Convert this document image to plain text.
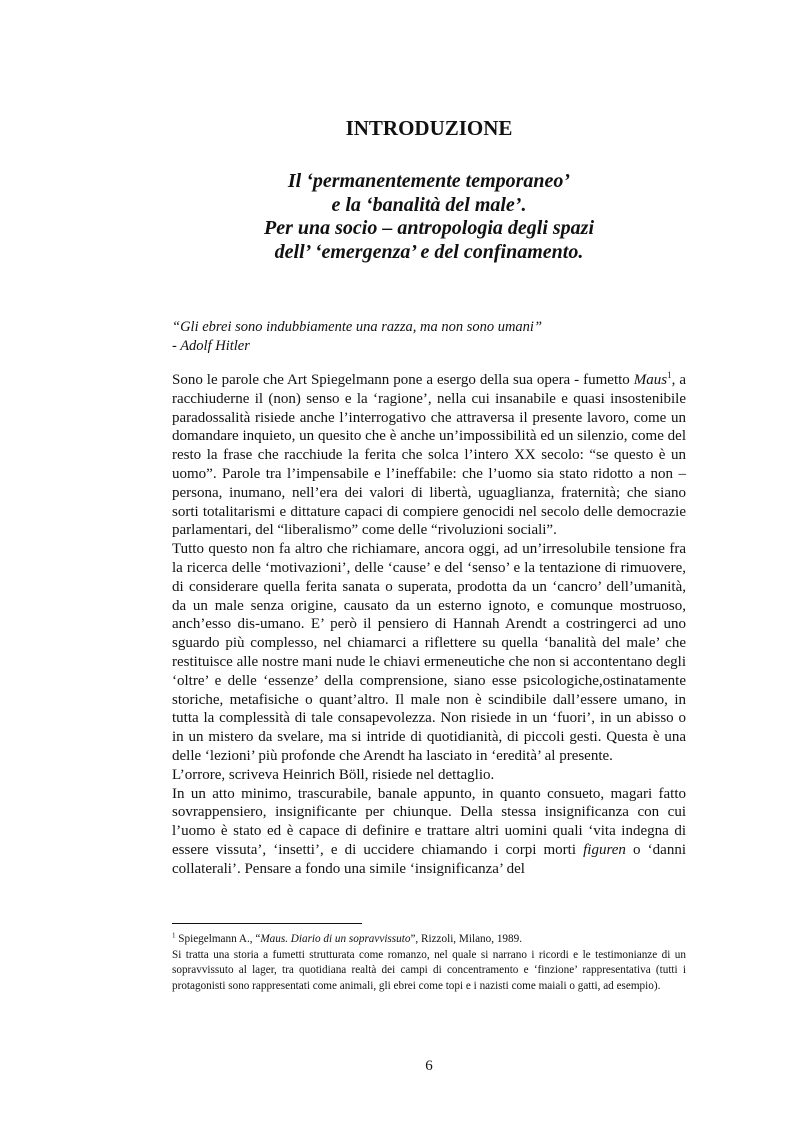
INTRODUZIONE
Il ‘permanentemente temporaneo’
e la ‘banalità del male’.
Per una socio – antropologia degli spazi
dell’ ‘emergenza’ e del confinamento.
“Gli ebrei sono indubbiamente una razza, ma non sono umani”
- Adolf Hitler

Sono le parole che Art Spiegelmann pone a esergo della sua opera - fumetto Maus$^1$, a racchiuderne il (non) senso e la ‘ragione’, nella cui insanabile e quasi insostenibile paradossalità risiede anche l’interrogativo che attraversa il presente lavoro, come un domandare inquieto, un quesito che è anche un’impossibilità ed un silenzio, come del resto la frase che racchiude la ferita che solca l’intero XX secolo: “se questo è un uomo”. Parole tra l’impensabile e l’ineffabile: che l’uomo sia stato ridotto a non – persona, inumano, nell’era dei valori di libertà, uguaglianza, fraternità; che siano sorti totalitarismi e dittature capaci di compiere genocidi nel secolo delle democrazie parlamentari, del “liberalismo” come delle “rivoluzioni sociali”.

Tutto questo non fa altro che richiamare, ancora oggi, ad un’irresolubile tensione fra la ricerca delle ‘motivazioni’, delle ‘cause’ e del ‘senso’ e la tentazione di rimuovere, di considerare quella ferita sanata o superata, prodotta da un ‘cancro’ dell’umanità, da un male senza origine, causato da un esterno ignoto, e comunque mostruoso, anch’esso dis-umano. E’ però il pensiero di Hannah Arendt a costringerci ad uno sguardo più complesso, nel chiamarci a riflettere su quella ‘banalità del male’ che restituisce alle nostre mani nude le chiavi ermeneutiche che non si accontentano degli ‘oltre’ e delle ‘essenze’ della comprensione, siano esse psicologiche,ostinatamente storiche, metafisiche o quant’altro. Il male non è scindibile dall’essere umano, in tutta la complessità di tale consapevolezza. Non risiede in un ‘fuori’, in un abisso o in un mistero da svelare, ma si intride di quotidianità, di piccoli gesti. Questa è una delle ‘lezioni’ più profonde che Arendt ha lasciato in ‘eredità’ al presente.

L’orrore, scriveva Heinrich Böll, risiede nel dettaglio.

In un atto minimo, trascurabile, banale appunto, in quanto consueto, magari fatto sovrappensiero, insignificante per chiunque. Della stessa insignificanza con cui l’uomo è stato ed è capace di definire e trattare altri uomini quali ‘vita indegna di essere vissuta’, ‘insetti’, e di uccidere chiamando i corpi morti figuren o ‘danni collaterali’. Pensare a fondo una simile ‘insignificanza’ del

$^1$ Spiegelmann A., “Maus. Diario di un sopravvissuto”, Rizzoli, Milano, 1989.

Si tratta una storia a fumetti strutturata come romanzo, nel quale si narrano i ricordi e le testimonianze di un sopravvissuto al lager, tra quotidiana realtà dei campi di concentramento e ‘finzione’ rappresentativa (tutti i protagonisti sono rappresentati come animali, gli ebrei come topi e i nazisti come maiali o gatti, ad esempio).

6
